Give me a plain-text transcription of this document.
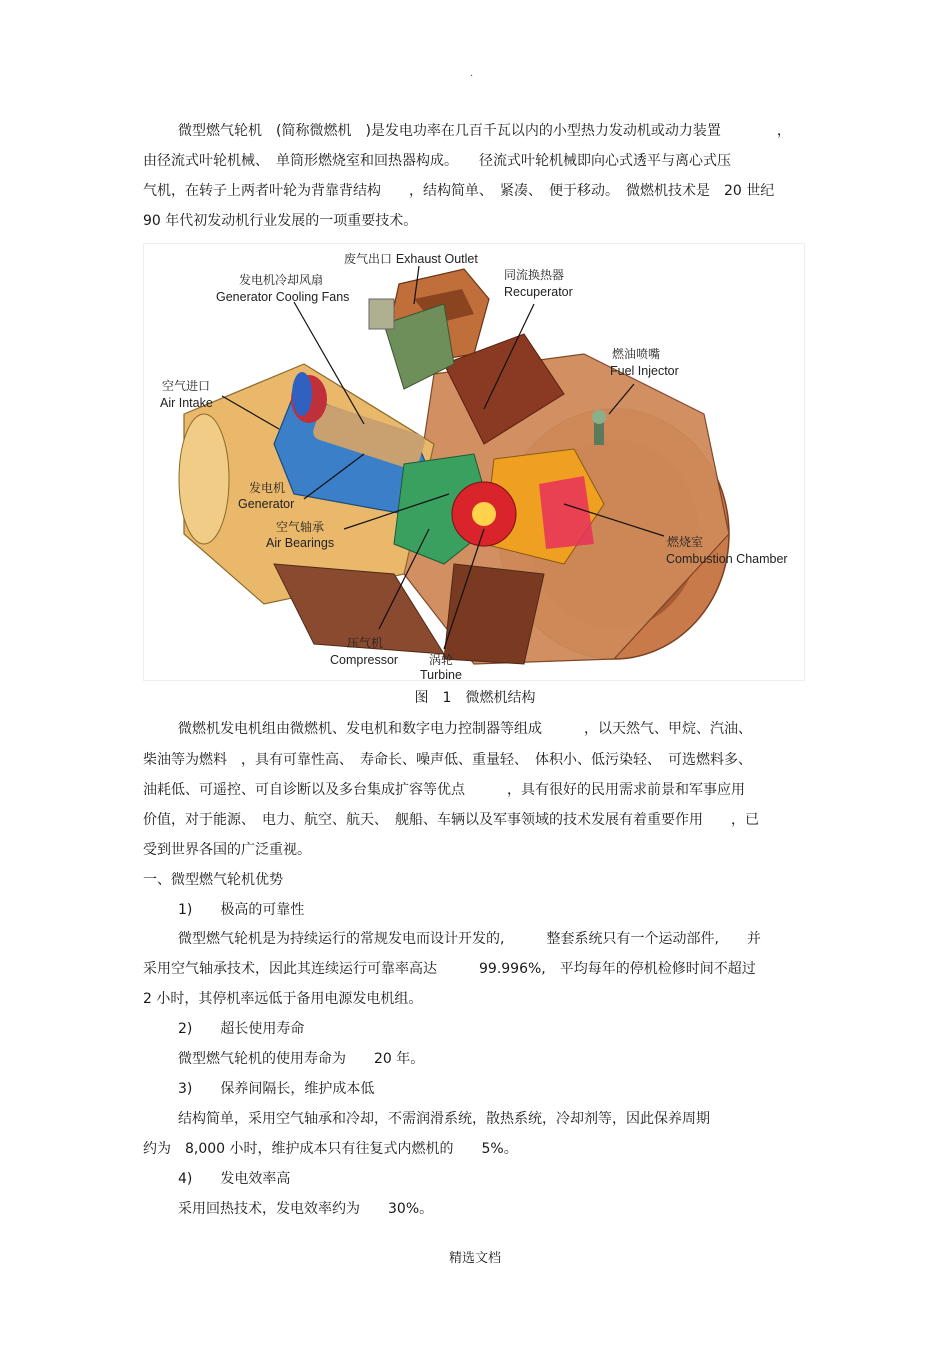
.
微型燃气轮机　(简称微燃机　)是发电功率在几百千瓦以内的小型热力发动机或动力装置　　　　，
由径流式叶轮机械、　单筒形燃烧室和回热器构成。　　径流式叶轮机械即向心式透平与离心式压
气机，在转子上两者叶轮为背靠背结构　　，结构简单、　紧凑、　便于移动。　微燃机技术是　20 世纪
90 年代初发动机行业发展的一项重要技术。
废气出口 Exhaust Outlet
发电机冷却风扇
Generator Cooling Fans
同流换热器
Recuperator
燃油喷嘴
Fuel Injector
空气进口
Air Intake
发电机
Generator
空气轴承
Air Bearings	燃烧室
Combustion Chamber
压气机
Compressor	涡轮
Turbine
图　1　微燃机结构
微燃机发电机组由微燃机、发电机和数字电力控制器等组成　　　，以天然气、甲烷、汽油、
柴油等为燃料　，具有可靠性高、　寿命长、噪声低、重量轻、　体积小、低污染轻、　可选燃料多、
油耗低、可遥控、可自诊断以及多台集成扩容等优点　　　，具有很好的民用需求前景和军事应用
价值，对于能源、　电力、航空、航天、　舰船、车辆以及军事领域的技术发展有着重要作用　　，已
受到世界各国的广泛重视。
一、微型燃气轮机优势
1)　　极高的可靠性
微型燃气轮机是为持续运行的常规发电而设计开发的,　　　整套系统只有一个运动部件,　　并
采用空气轴承技术，因此其连续运行可靠率高达　　　99.996%,　平均每年的停机检修时间不超过
2 小时，其停机率远低于备用电源发电机组。
2)　　超长使用寿命
微型燃气轮机的使用寿命为　　20 年。
3)　　保养间隔长，维护成本低
结构简单，采用空气轴承和冷却，不需润滑系统，散热系统，冷却剂等，因此保养周期
约为　8,000 小时，维护成本只有往复式内燃机的　　5%。
4)　　发电效率高
采用回热技术，发电效率约为　　30%。
精选文档
